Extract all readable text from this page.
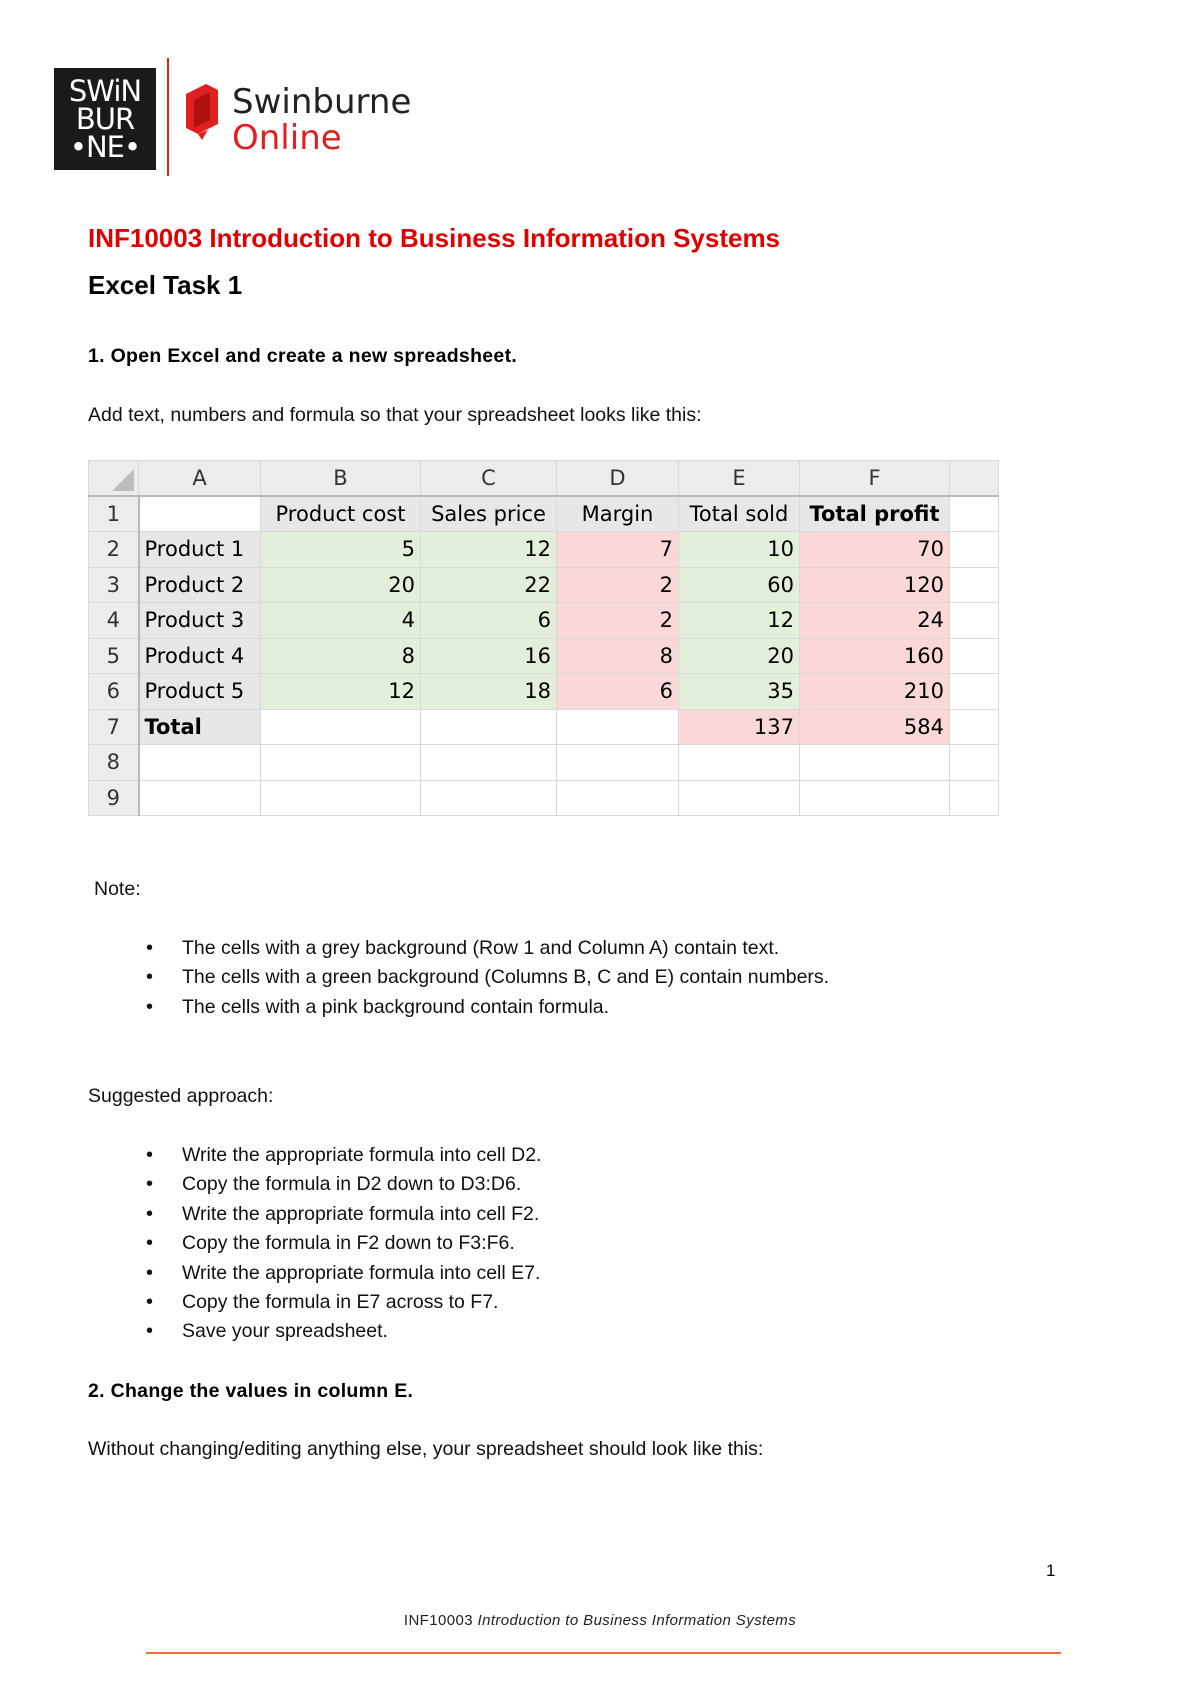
SWiN
BUR
•NE•
Swinburne
Online
INF10003 Introduction to Business Information Systems
Excel Task 1
1. Open Excel and create a new spreadsheet.
Add text, numbers and formula so that your spreadsheet looks like this:
	A	B	C	D	E	F	
1		Product cost	Sales price	Margin	Total sold	Total profit	
2	Product 1	5	12	7	10	70	
3	Product 2	20	22	2	60	120	
4	Product 3	4	6	2	12	24	
5	Product 4	8	16	8	20	160	
6	Product 5	12	18	6	35	210	
7	Total				137	584	
8							
9							
Note:
• The cells with a grey background (Row 1 and Column A) contain text.
• The cells with a green background (Columns B, C and E) contain numbers.
• The cells with a pink background contain formula.
Suggested approach:
• Write the appropriate formula into cell D2.
• Copy the formula in D2 down to D3:D6.
• Write the appropriate formula into cell F2.
• Copy the formula in F2 down to F3:F6.
• Write the appropriate formula into cell E7.
• Copy the formula in E7 across to F7.
• Save your spreadsheet.
2. Change the values in column E.
Without changing/editing anything else, your spreadsheet should look like this:
1
INF10003 Introduction to Business Information Systems
